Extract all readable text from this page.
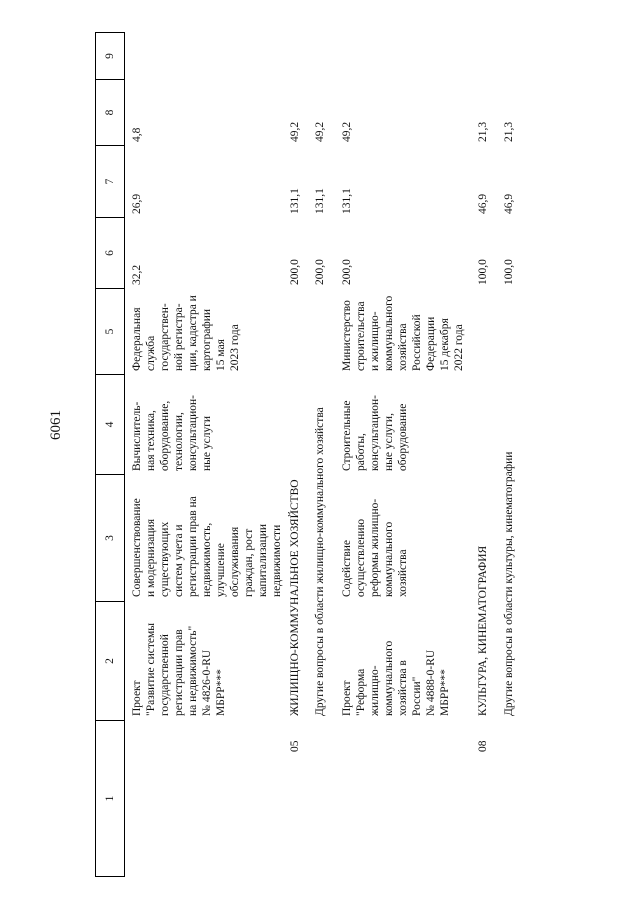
6061
1
2
3
4
5
6
7
8
9
Проект
"Развитие системы
государственной
регистрации прав
на недвижимость"
№ 4826-0-RU
МБРР***
Совершенствование
и модернизация
существующих
систем учета и
регистрации прав на
недвижимость,
улучшение
обслуживания
граждан, рост
капитализации
недвижимости
Вычислитель-
ная техника,
оборудование,
технологии,
консультацион-
ные услуги
Федеральная
служба
государствен-
ной регистра-
ции, кадастра и
картографии
15 мая
2023 года
32,2
26,9
4,8
05
ЖИЛИЩНО-КОММУНАЛЬНОЕ ХОЗЯЙСТВО
200,0
131,1
49,2
Другие вопросы в области жилищно-коммунального хозяйства
200,0
131,1
49,2
Проект
"Реформа
жилищно-
коммунального
хозяйства в
России"
№ 4888-0-RU
МБРР***
Содействие
осуществлению
реформы жилищно-
коммунального
хозяйства
Строительные
работы,
консультацион-
ные услуги,
оборудование
Министерство
строительства
и жилищно-
коммунального
хозяйства
Российской
Федерации
15 декабря
2022 года
200,0
131,1
49,2
08
КУЛЬТУРА, КИНЕМАТОГРАФИЯ
100,0
46,9
21,3
Другие вопросы в области культуры, кинематографии
100,0
46,9
21,3
